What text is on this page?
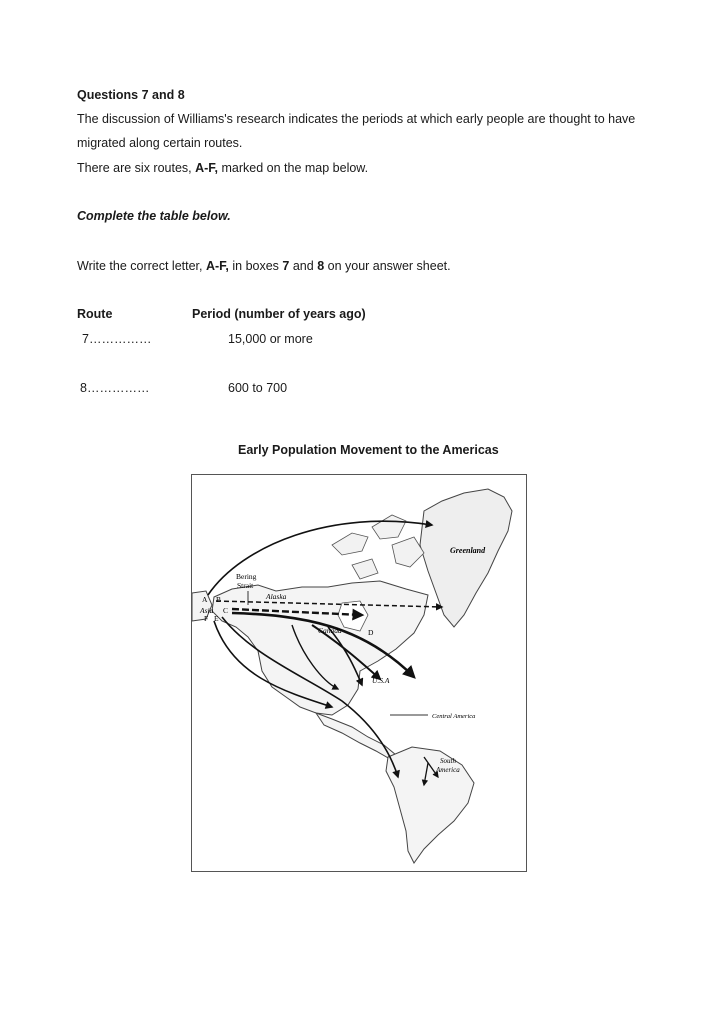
Questions 7 and 8
The discussion of Williams's research indicates the periods at which early people are thought to have
migrated along certain routes.
There are six routes, A-F, marked on the map below.
Complete the table below.
Write the correct letter, A-F, in boxes 7 and 8 on your answer sheet.
Route	Period (number of years ago)
7……………	15,000 or more
8……………	600 to 700
Early Population Movement to the Americas
Greenland
Bering
Strait
Alaska
Asia
Canada
U.S.A
Central America
South
America
A B
C
D
E
F
